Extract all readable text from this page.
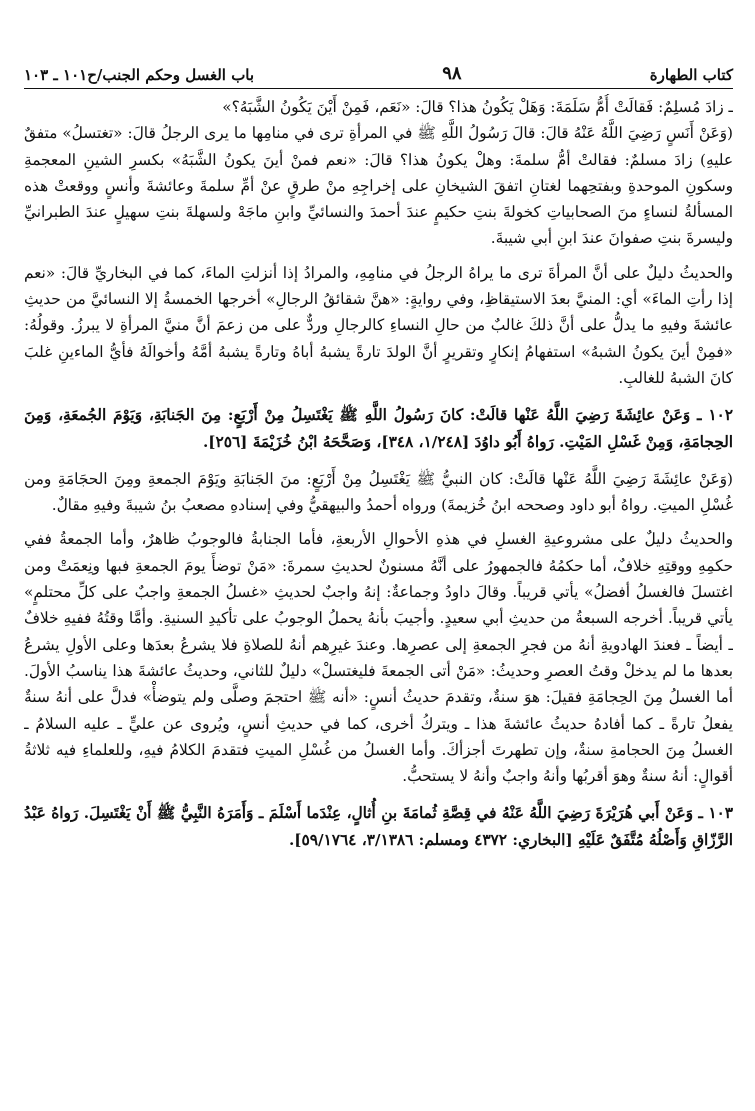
كتاب الطهارة
٩٨
باب الغسل وحكم الجنب/ح١٠١ ـ ١٠٣

ـ زادَ مُسلِمٌ: فَقالَتْ أُمُّ سَلَمَةَ: وَهَلْ يَكُونُ هذا؟ قالَ: «نَعَم، فَمِنْ أَيْنَ يَكُونُ الشَّبَهُ؟»

(وَعَنْ أَنَسٍ رَضِيَ اللَّهُ عَنْهُ قالَ: قالَ رَسُولُ اللَّهِ ﷺ في المرأةِ ترى في منامِها ما يرى الرجلُ قالَ: «تغتسلُ» متفقٌ عليهِ) زادَ مسلمٌ: فقالتْ أمُّ سلمةَ: وهلْ يكونُ هذا؟ قالَ: «نعم فمنْ أينَ يكونُ الشَّبَهُ» بكسرِ الشينِ المعجمةِ وسكونِ الموحدةِ وبفتحِهما لغتانِ اتفقَ الشيخانِ على إخراجِهِ منْ طرقٍ عنْ أمِّ سلمةَ وعائشةَ وأنسٍ ووقعتْ هذه المسألةُ لنساءٍ منَ الصحابياتِ كخولةَ بنتِ حكيمٍ عندَ أحمدَ والنسائيِّ وابنِ ماجَهْ ولسهلةَ بنتِ سهيلٍ عندَ الطبرانيِّ وليسرةَ بنتِ صفوانَ عندَ ابنِ أبي شيبةَ.

والحديثُ دليلٌ على أنَّ المرأةَ ترى ما يراهُ الرجلُ في منامِهِ، والمرادُ إذا أنزلتِ الماءَ، كما في البخاريِّ قالَ: «نعم إذا رأتِ الماءَ» أي: المنيَّ بعدَ الاستيقاظِ، وفي روايةٍ: «هنَّ شقائقُ الرجالِ» أخرجها الخمسةُ إلا النسائيَّ من حديثِ عائشةَ وفيهِ ما يدلُّ على أنَّ ذلكَ غالبٌ من حالِ النساءِ كالرجالِ وردٌّ على من زعمَ أنَّ منيَّ المرأةِ لا يبرزُ. وقولُهُ: «فمِنْ أينَ يكونُ الشبهُ» استفهامُ إنكارٍ وتقريرٍ أنَّ الولدَ تارةً يشبهُ أباهُ وتارةً يشبهُ أمَّهُ وأخوالَهُ فأيُّ الماءينِ غلبَ كانَ الشبهُ للغالبِ.

١٠٢ ـ وَعَنْ عائِشَةَ رَضِيَ اللَّهُ عَنْها قالَتْ: كانَ رَسُولُ اللَّهِ ﷺ يَغْتَسِلُ مِنْ أَرْبَعٍ: مِنَ الجَنابَةِ، وَيَوْمَ الجُمعَةِ، وَمِنَ الحِجامَةِ، وَمِنْ غَسْلِ المَيْتِ. رَواهُ أَبُو داوُدَ [١/٢٤٨، ٣٤٨]، وَصَحَّحَهُ ابْنُ خُزَيْمَةَ [٢٥٦].

(وَعَنْ عائِشَةَ رَضِيَ اللَّهُ عَنْها قالَتْ: كان النبيُّ ﷺ يَغْتَسِلُ مِنْ أَرْبَعٍ: منَ الجَنابَةِ ويَوْمَ الجمعةِ ومِنَ الحجَامَةِ ومن غُسْلِ الميتِ. رواهُ أبو داود وصححه ابنُ خُزيمةَ) ورواه أحمدُ والبيهقيُّ وفي إسنادهِ مصعبُ بنُ شيبةَ وفيهِ مقالٌ.

والحديثُ دليلٌ على مشروعيةِ الغسلِ في هذهِ الأحوالِ الأربعةِ، فأما الجنابةُ فالوجوبُ ظاهرٌ، وأما الجمعةُ ففي حكمِهِ ووقتِهِ خلافٌ، أما حكمُهُ فالجمهورُ على أنَّهُ مسنونٌ لحديثِ سمرةَ: «مَنْ توضأَ يومَ الجمعةِ فبها ونِعمَتْ ومن اغتسلَ فالغسلُ أفضلُ» يأتي قريباً. وقالَ داودُ وجماعةٌ: إنهُ واجبٌ لحديثِ «غسلُ الجمعةِ واجبٌ على كلِّ محتلمٍ» يأتي قريباً. أخرجه السبعةُ من حديثِ أبي سعيدٍ. وأجيبَ بأنهُ يحملُ الوجوبُ على تأكيدِ السنيةِ. وأمَّا وقتُهُ ففيهِ خلافٌ ـ أيضاً ـ فعندَ الهادويةِ أنهُ من فجرِ الجمعةِ إلى عصرِها. وعندَ غيرِهم أنهُ للصلاةِ فلا يشرعُ بعدَها وعلى الأولِ يشرعُ بعدها ما لم يدخلْ وقتُ العصرِ وحديثُ: «مَنْ أتى الجمعةَ فليغتسلْ» دليلٌ للثاني، وحديثُ عائشةَ هذا يناسبُ الأولَ. أما الغسلُ مِنَ الحِجامَةِ فقيلَ: هوَ سنةٌ، وتقدمَ حديثُ أنسٍ: «أنه ﷺ احتجمَ وصلَّى ولم يتوضأْ» فدلَّ على أنهُ سنةٌ يفعلُ تارةً ـ كما أفادهُ حديثُ عائشةَ هذا ـ ويتركُ أخرى، كما في حديثِ أنسٍ، ويُروى عن عليٍّ ـ عليه السلامُ ـ الغسلُ مِنَ الحجامةِ سنةٌ، وإن تطهرتَ أجزأكَ. وأما الغسلُ من غُسْلِ الميتِ فتقدمَ الكلامُ فيهِ، وللعلماءِ فيه ثلاثةُ أقوالٍ: أنهُ سنةٌ وهوَ أقربُها وأنهُ واجبٌ وأنهُ لا يستحبُّ.

١٠٣ ـ وَعَنْ أَبي هُرَيْرَةَ رَضِيَ اللَّهُ عَنْهُ في قِصَّةِ ثُمامَةَ بنِ أُثالٍ، عِنْدَما أَسْلَمَ ـ وَأَمَرَهُ النَّبِيُّ ﷺ أَنْ يَغْتَسِلَ. رَواهُ عَبْدُ الرَّزّاقِ وَأَصْلُهُ مُتَّفَقٌ عَلَيْهِ [البخاري: ٤٣٧٢ ومسلم: ٣/١٣٨٦، ٥٩/١٧٦٤].
